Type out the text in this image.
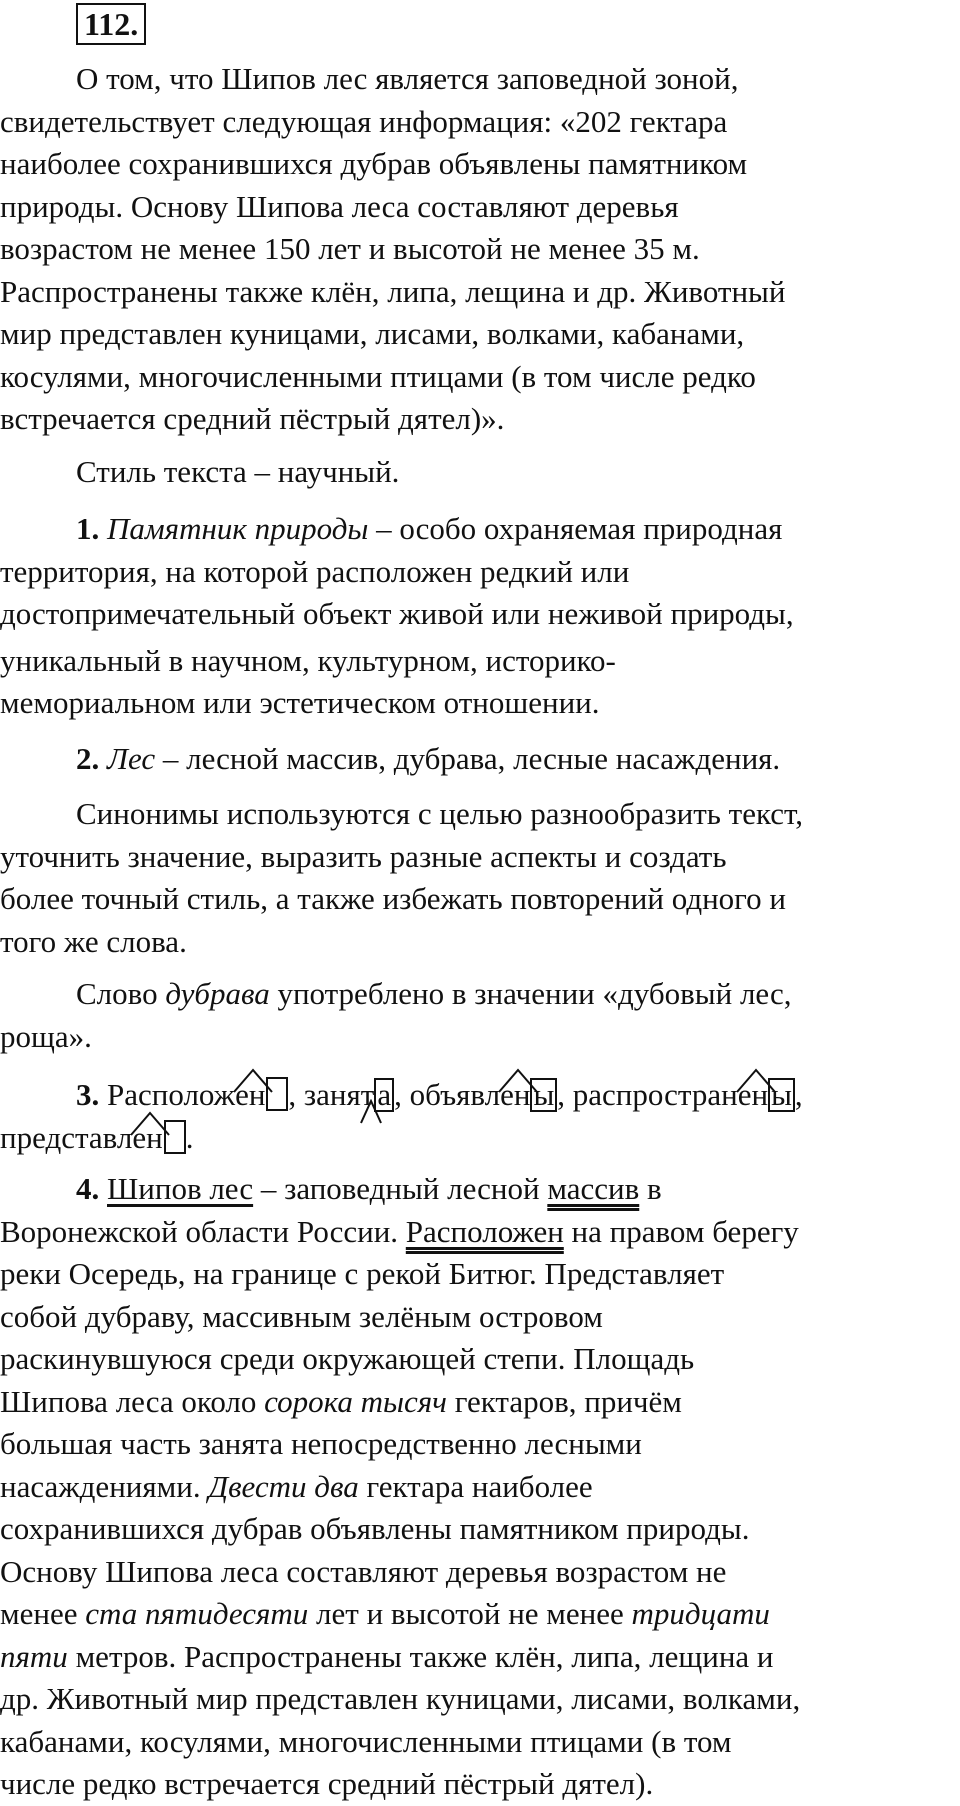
112.
О том, что Шипов лес является заповедной зоной,
свидетельствует следующая информация: «202 гектара
наиболее сохранившихся дубрав объявлены памятником
природы. Основу Шипова леса составляют деревья
возрастом не менее 150 лет и высотой не менее 35 м.
Распространены также клён, липа, лещина и др. Животный
мир представлен куницами, лисами, волками, кабанами,
косулями, многочисленными птицами (в том числе редко
встречается средний пёстрый дятел)».
Стиль текста – научный.
1. Памятник природы – особо охраняемая природная
территория, на которой расположен редкий или
достопримечательный объект живой или неживой природы,
уникальный в научном, культурном, историко-
мемориальном или эстетическом отношении.
2. Лес – лесной массив, дубрава, лесные насаждения.
Синонимы используются с целью разнообразить текст,
уточнить значение, выразить разные аспекты и создать
более точный стиль, а также избежать повторений одного и
того же слова.
Слово дубрава употреблено в значении «дубовый лес,
роща».
3. Располож
ен , занят
а, объявл
ены, распростран
ены,
представл
ен .
4. Шипов лес – заповедный лесной массив в
Воронежской области России. Расположен на правом берегу
реки Осередь, на границе с рекой Битюг. Представляет
собой дубраву, массивным зелёным островом
раскинувшуюся среди окружающей степи. Площадь
Шипова леса около сорока тысяч гектаров, причём
большая часть занята непосредственно лесными
насаждениями. Двести два гектара наиболее
сохранившихся дубрав объявлены памятником природы.
Основу Шипова леса составляют деревья возрастом не
менее ста пятидесяти лет и высотой не менее тридцати
пяти метров. Распространены также клён, липа, лещина и
др. Животный мир представлен куницами, лисами, волками,
кабанами, косулями, многочисленными птицами (в том
числе редко встречается средний пёстрый дятел).
